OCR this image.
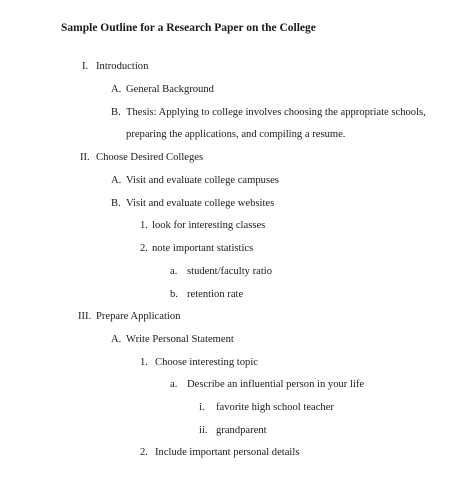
Sample Outline for a Research Paper on the College
I. Introduction
A. General Background
B. Thesis: Applying to college involves choosing the appropriate schools,
preparing the applications, and compiling a resume.
II. Choose Desired Colleges
A. Visit and evaluate college campuses
B. Visit and evaluate college websites
1. look for interesting classes
2. note important statistics
a. student/faculty ratio
b. retention rate
III. Prepare Application
A. Write Personal Statement
1. Choose interesting topic
a. Describe an influential person in your life
i. favorite high school teacher
ii. grandparent
2. Include important personal details
